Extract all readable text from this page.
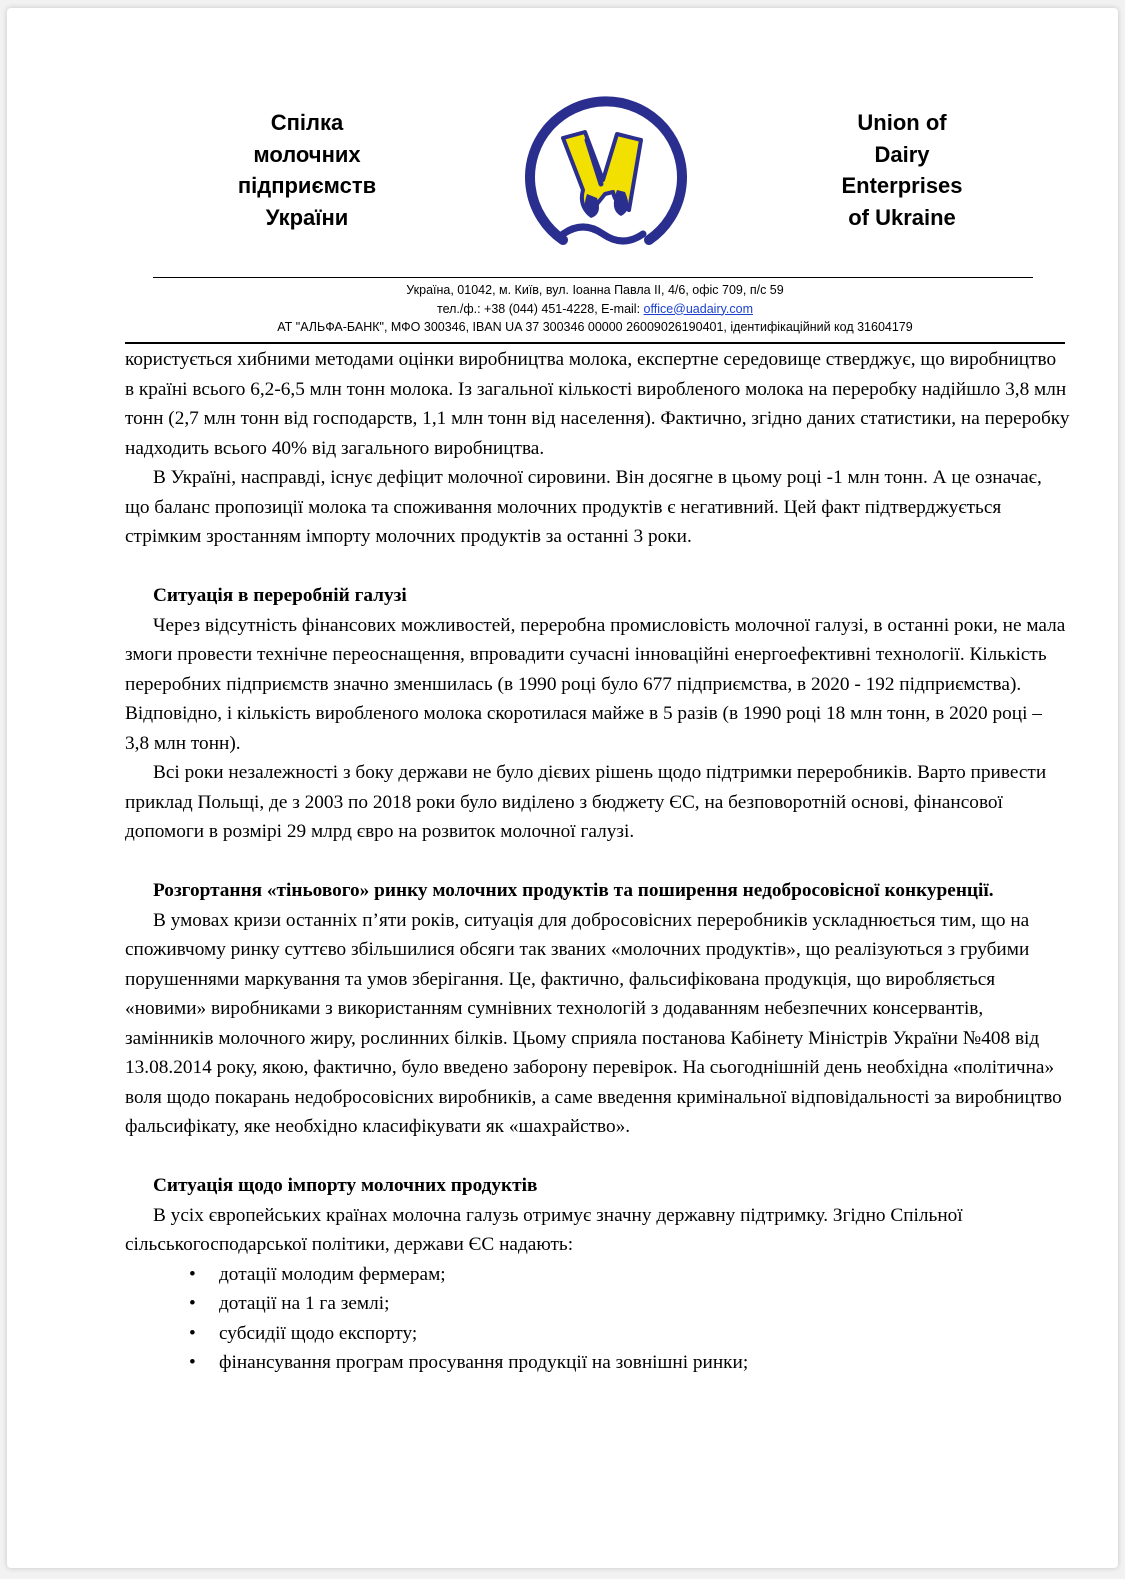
Спілка
молочних
підприємств
України
Union of
Dairy
Enterprises
of Ukraine
Україна, 01042, м. Київ, вул. Іоанна Павла II, 4/6, офіс 709, п/с 59
тел./ф.: +38 (044) 451-4228, E-mail: office@uadairy.com
АТ "АЛЬФА-БАНК", МФО 300346, IBAN UA 37 300346 00000 26009026190401, ідентифікаційний код 31604179

користується хибними методами оцінки виробництва молока, експертне середовище стверджує, що виробництво в країні всього 6,2-6,5 млн тонн молока. Із загальної кількості виробленого молока на переробку надійшло 3,8 млн тонн (2,7 млн тонн від господарств, 1,1 млн тонн від населення). Фактично, згідно даних статистики, на переробку надходить всього 40% від загального виробництва.

В Україні, насправді, існує дефіцит молочної сировини. Він досягне в цьому році -1 млн тонн. А це означає, що баланс пропозиції молока та споживання молочних продуктів є негативний. Цей факт підтверджується стрімким зростанням імпорту молочних продуктів за останні 3 роки.

Ситуація в переробній галузі

Через відсутність фінансових можливостей, переробна промисловість молочної галузі, в останні роки, не мала змоги провести технічне переоснащення, впровадити сучасні інноваційні енергоефективні технології. Кількість переробних підприємств значно зменшилась (в 1990 році було 677 підприємства, в 2020 - 192 підприємства). Відповідно, і кількість виробленого молока скоротилася майже в 5 разів (в 1990 році 18 млн тонн, в 2020 році – 3,8 млн тонн).

Всі роки незалежності з боку держави не було дієвих рішень щодо підтримки переробників. Варто привести приклад Польщі, де з 2003 по 2018 роки було виділено з бюджету ЄС, на безповоротній основі, фінансової допомоги в розмірі 29 млрд євро на розвиток молочної галузі.

Розгортання «тіньового» ринку молочних продуктів та поширення недобросовісної конкуренції.

В умовах кризи останніх п’яти років, ситуація для добросовісних переробників ускладнюється тим, що на споживчому ринку суттєво збільшилися обсяги так званих «молочних продуктів», що реалізуються з грубими порушеннями маркування та умов зберігання. Це, фактично, фальсифікована продукція, що виробляється «новими» виробниками з використанням сумнівних технологій з додаванням небезпечних консервантів, замінників молочного жиру, рослинних білків. Цьому сприяла постанова Кабінету Міністрів України №408 від 13.08.2014 року, якою, фактично, було введено заборону перевірок. На сьогоднішній день необхідна «політична» воля щодо покарань недобросовісних виробників, а саме введення кримінальної відповідальності за виробництво фальсифікату, яке необхідно класифікувати як «шахрайство».

Ситуація щодо імпорту молочних продуктів

В усіх європейських країнах молочна галузь отримує значну державну підтримку. Згідно Спільної сільськогосподарської політики, держави ЄС надають:

• дотації молодим фермерам;
• дотації на 1 га землі;
• субсидії щодо експорту;
• фінансування програм просування продукції на зовнішні ринки;
